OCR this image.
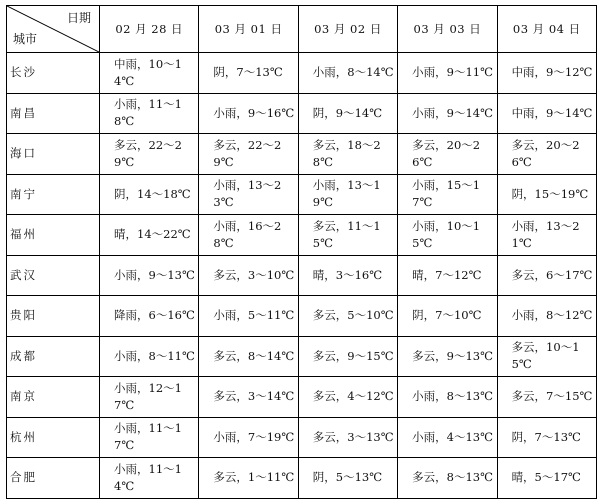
日期
城市	02 月 28 日	03 月 01 日	03 月 02 日	03 月 03 日	03 月 04 日
长沙	中雨，10～14℃	阴，7～13℃	小雨，8～14℃	小雨，9～11℃	中雨，9～12℃
南昌	小雨，11～18℃	小雨，9～16℃	阴，9～14℃	小雨，9～14℃	中雨，9～14℃
海口	多云，22～29℃	多云，22～29℃	多云，18～28℃	多云，20～26℃	多云，20～26℃
南宁	阴，14～18℃	小雨，13～23℃	小雨，13～19℃	小雨，15～17℃	阴，15～19℃
福州	晴，14～22℃	小雨，16～28℃	多云，11～15℃	小雨，10～15℃	小雨，13～21℃
武汉	小雨，9～13℃	多云，3～10℃	晴，3～16℃	晴，7～12℃	多云，6～17℃
贵阳	降雨，6～16℃	小雨，5～11℃	多云，5～10℃	阴，7～10℃	小雨，8～12℃
成都	小雨，8～11℃	多云，8～14℃	多云，9～15℃	多云，9～13℃	多云，10～15℃
南京	小雨，12～17℃	多云，3～14℃	多云，4～12℃	小雨，8～13℃	多云，7～15℃
杭州	小雨，11～17℃	小雨，7～19℃	多云，3～13℃	小雨，4～13℃	阴，7～13℃
合肥	小雨，11～14℃	多云，1～11℃	阴，5～13℃	多云，8～13℃	晴，5～17℃
